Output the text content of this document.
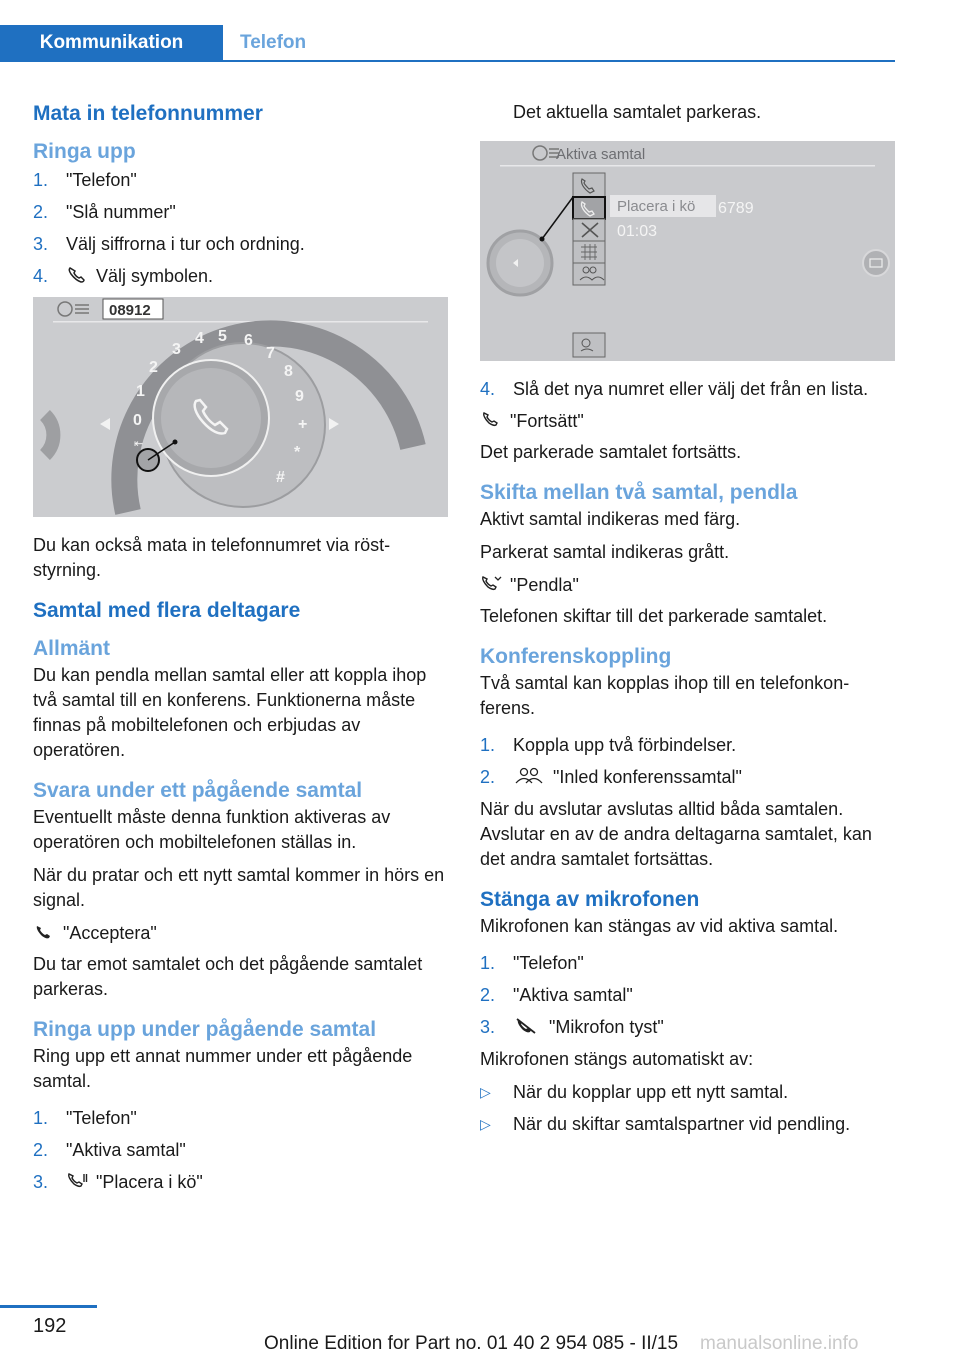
Kommunikation	Telefon
Mata in telefonnummer
Ringa upp
1. "Telefon"
2. "Slå nummer"
3. Välj siffrorna i tur och ordning.
4.	Välj symbolen.
08912
0
1
2
3
4 5 6
7
8
9
+
*
#
⇤
Du kan också mata in telefonnumret via röststyrning.
Samtal med flera deltagare
Allmänt
Du kan pendla mellan samtal eller att koppla ihop två samtal till en konferens. Funktionerna måste finnas på mobiltelefonen och erbjudas av operatören.
Svara under ett pågående samtal
Eventuellt måste denna funktion aktiveras av operatören och mobiltelefonen ställas in.
När du pratar och ett nytt samtal kommer in hörs en signal.
"Acceptera"
Du tar emot samtalet och det pågående samtalet parkeras.
Ringa upp under pågående samtal
Ring upp ett annat nummer under ett pågående samtal.
1. "Telefon"
2. "Aktiva samtal"
3.	"Placera i kö"
Det aktuella samtalet parkeras.
Aktiva samtal
Placera i kö 6789
01:03
4. Slå det nya numret eller välj det från en lista.
"Fortsätt"
Det parkerade samtalet fortsätts.
Skifta mellan två samtal, pendla
Aktivt samtal indikeras med färg.
Parkerat samtal indikeras grått.
"Pendla"
Telefonen skiftar till det parkerade samtalet.
Konferenskoppling
Två samtal kan kopplas ihop till en telefonkonferens.
1. Koppla upp två förbindelser.
2.	"Inled konferenssamtal"
När du avslutar avslutas alltid båda samtalen. Avslutar en av de andra deltagarna samtalet, kan det andra samtalet fortsättas.
Stänga av mikrofonen
Mikrofonen kan stängas av vid aktiva samtal.
1. "Telefon"
2. "Aktiva samtal"
3.	"Mikrofon tyst"
Mikrofonen stängs automatiskt av:
▷ När du kopplar upp ett nytt samtal.
▷ När du skiftar samtalspartner vid pendling.
192
Online Edition for Part no. 01 40 2 954 085 - II/15 manualsonline.info
